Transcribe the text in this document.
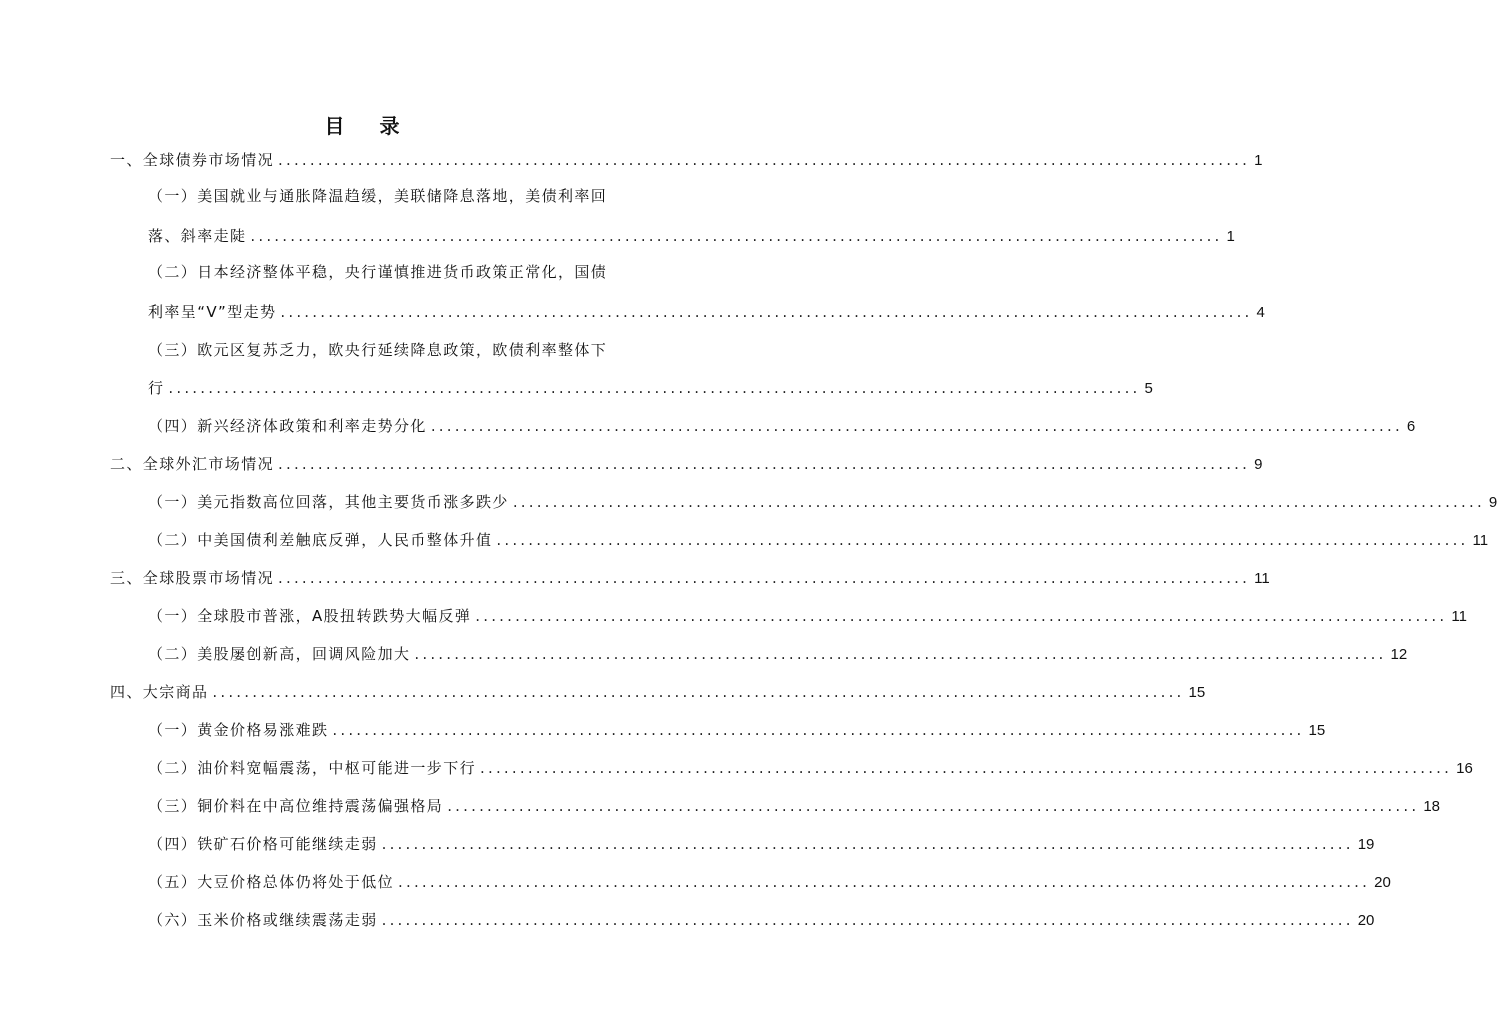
目 录
一、全球债券市场情况 .......................................................................................................................... 1
（一）美国就业与通胀降温趋缓，美联储降息落地，美债利率回
落、斜率走陡 .......................................................................................................................... 1
（二）日本经济整体平稳，央行谨慎推进货币政策正常化，国债
利率呈“V”型走势 .......................................................................................................................... 4
（三）欧元区复苏乏力，欧央行延续降息政策，欧债利率整体下
行 .......................................................................................................................... 5
（四）新兴经济体政策和利率走势分化 .......................................................................................................................... 6
二、全球外汇市场情况 .......................................................................................................................... 9
（一）美元指数高位回落，其他主要货币涨多跌少 .......................................................................................................................... 9
（二）中美国债利差触底反弹，人民币整体升值 .......................................................................................................................... 11
三、全球股票市场情况 .......................................................................................................................... 11
（一）全球股市普涨，A股扭转跌势大幅反弹 .......................................................................................................................... 11
（二）美股屡创新高，回调风险加大 .......................................................................................................................... 12
四、大宗商品 .......................................................................................................................... 15
（一）黄金价格易涨难跌 .......................................................................................................................... 15
（二）油价料宽幅震荡，中枢可能进一步下行 .......................................................................................................................... 16
（三）铜价料在中高位维持震荡偏强格局 .......................................................................................................................... 18
（四）铁矿石价格可能继续走弱 .......................................................................................................................... 19
（五）大豆价格总体仍将处于低位 .......................................................................................................................... 20
（六）玉米价格或继续震荡走弱 .......................................................................................................................... 20
